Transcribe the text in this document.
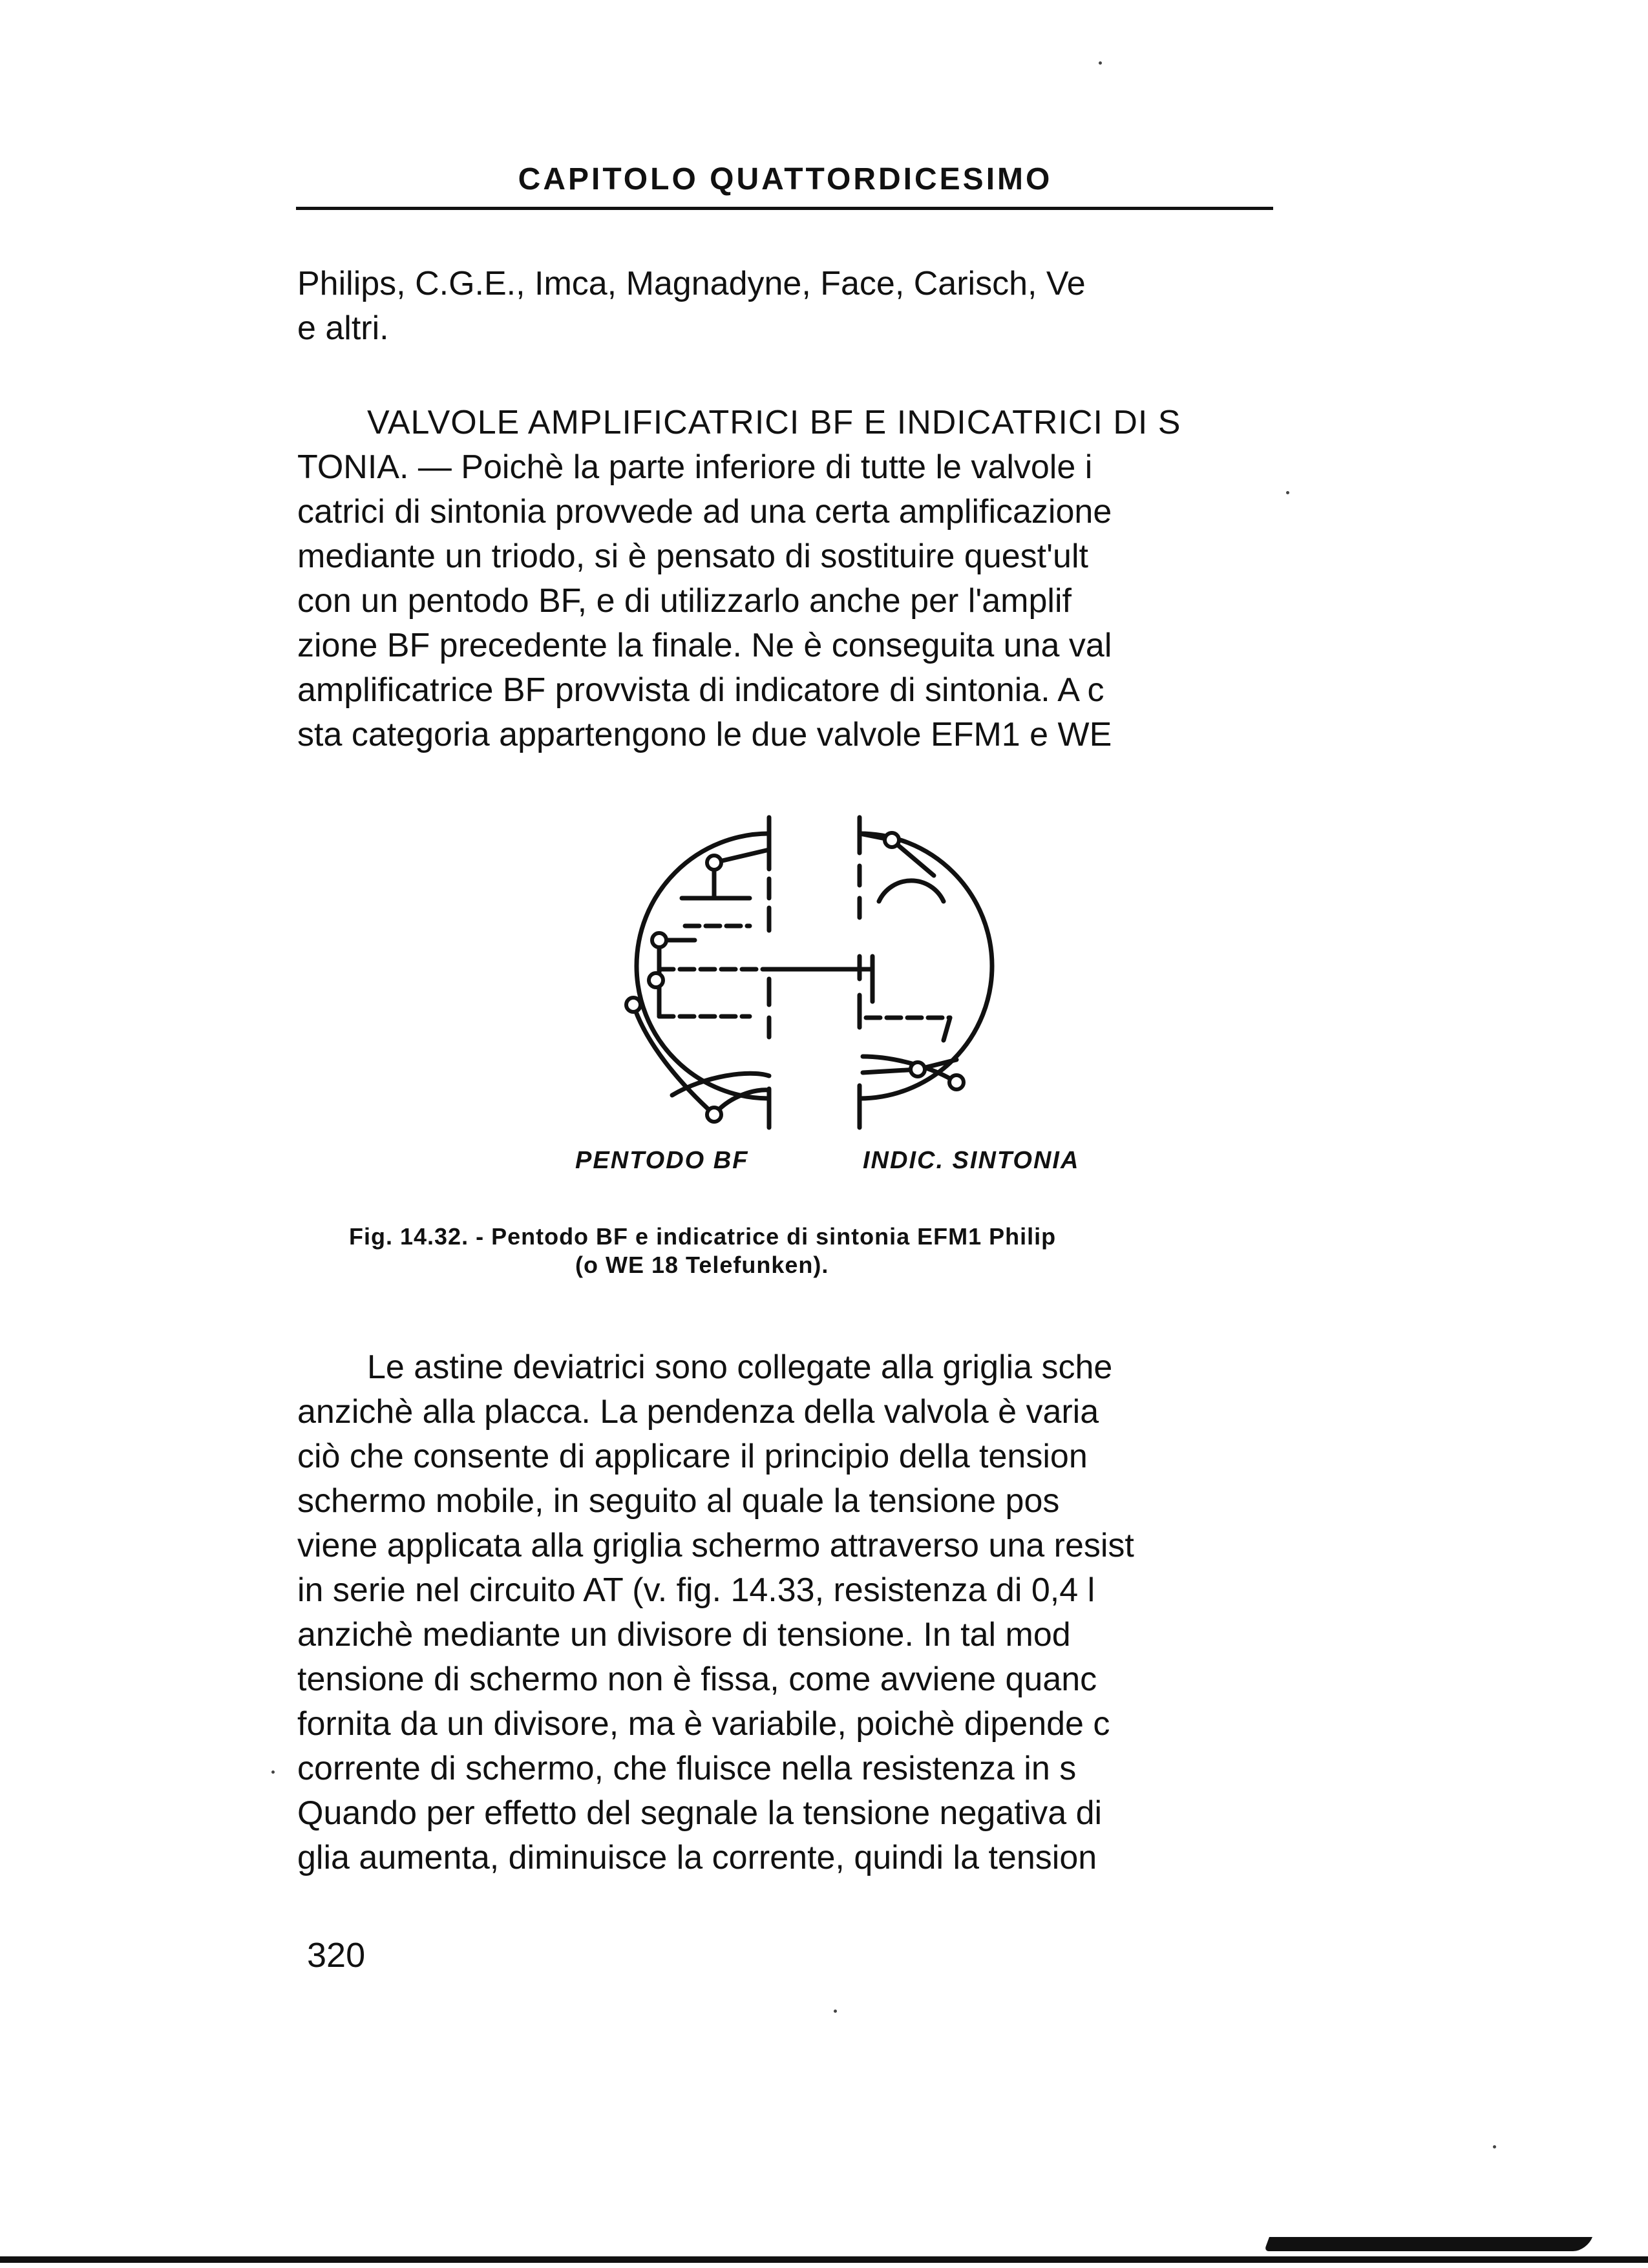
CAPITOLO QUATTORDICESIMO
Philips, C.G.E., Imca, Magnadyne, Face, Carisch, Ve
e altri.
VALVOLE AMPLIFICATRICI BF E INDICATRICI DI S
TONIA. — Poichè la parte inferiore di tutte le valvole i
catrici di sintonia provvede ad una certa amplificazione
mediante un triodo, si è pensato di sostituire quest'ult
con un pentodo BF, e di utilizzarlo anche per l'amplif
zione BF precedente la finale. Ne è conseguita una val
amplificatrice BF provvista di indicatore di sintonia. A c
sta categoria appartengono le due valvole EFM1 e WE
PENTODO BF	INDIC. SINTONIA
Fig. 14.32. - Pentodo BF e indicatrice di sintonia EFM1 Philip
(o WE 18 Telefunken).
Le astine deviatrici sono collegate alla griglia sche
anzichè alla placca. La pendenza della valvola è varia
ciò che consente di applicare il principio della tension
schermo mobile, in seguito al quale la tensione pos
viene applicata alla griglia schermo attraverso una resist
in serie nel circuito AT (v. fig. 14.33, resistenza di 0,4 l
anzichè mediante un divisore di tensione. In tal mod
tensione di schermo non è fissa, come avviene quanc
fornita da un divisore, ma è variabile, poichè dipende c
corrente di schermo, che fluisce nella resistenza in s
Quando per effetto del segnale la tensione negativa di
glia aumenta, diminuisce la corrente, quindi la tension
320
